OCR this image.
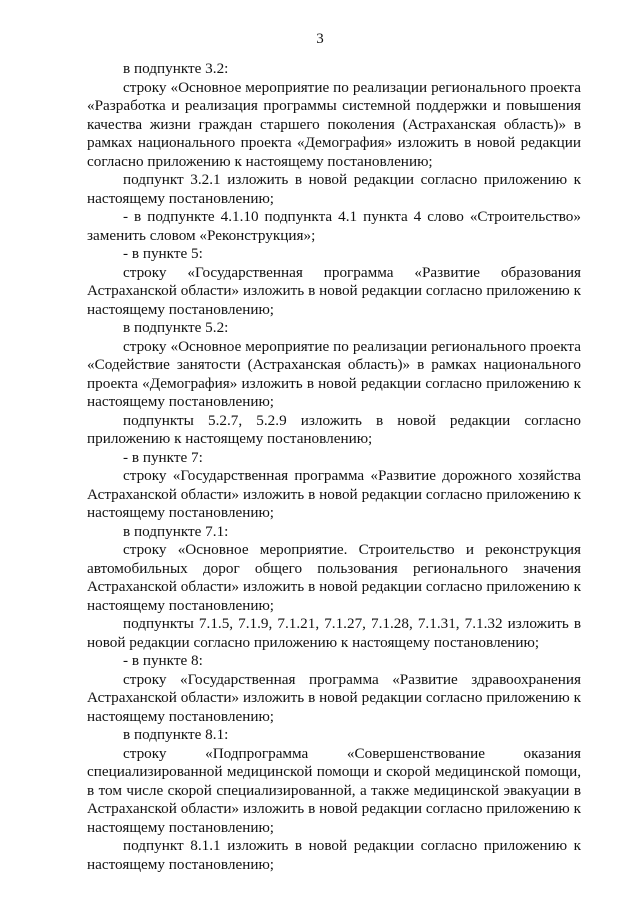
3

в подпункте 3.2:

строку «Основное мероприятие по реализации регионального проекта «Разработка и реализация программы системной поддержки и повышения качества жизни граждан старшего поколения (Астраханская область)» в рамках национального проекта «Демография» изложить в новой редакции согласно приложению к настоящему постановлению;

подпункт 3.2.1 изложить в новой редакции согласно приложению к настоящему постановлению;

- в подпункте 4.1.10 подпункта 4.1 пункта 4 слово «Строительство» заменить словом «Реконструкция»;

- в пункте 5:

строку «Государственная программа «Развитие образования Астраханской области» изложить в новой редакции согласно приложению к настоящему постановлению;

в подпункте 5.2:

строку «Основное мероприятие по реализации регионального проекта «Содействие занятости (Астраханская область)» в рамках национального проекта «Демография» изложить в новой редакции согласно приложению к настоящему постановлению;

подпункты 5.2.7, 5.2.9 изложить в новой редакции согласно приложению к настоящему постановлению;

- в пункте 7:

строку «Государственная программа «Развитие дорожного хозяйства Астраханской области» изложить в новой редакции согласно приложению к настоящему постановлению;

в подпункте 7.1:

строку «Основное мероприятие. Строительство и реконструкция автомобильных дорог общего пользования регионального значения Астраханской области» изложить в новой редакции согласно приложению к настоящему постановлению;

подпункты 7.1.5, 7.1.9, 7.1.21, 7.1.27, 7.1.28, 7.1.31, 7.1.32 изложить в новой редакции согласно приложению к настоящему постановлению;

- в пункте 8:

строку «Государственная программа «Развитие здравоохранения Астраханской области» изложить в новой редакции согласно приложению к настоящему постановлению;

в подпункте 8.1:

строку «Подпрограмма «Совершенствование оказания специализированной медицинской помощи и скорой медицинской помощи, в том числе скорой специализированной, а также медицинской эвакуации в Астраханской области» изложить в новой редакции согласно приложению к настоящему постановлению;

подпункт 8.1.1 изложить в новой редакции согласно приложению к настоящему постановлению;
